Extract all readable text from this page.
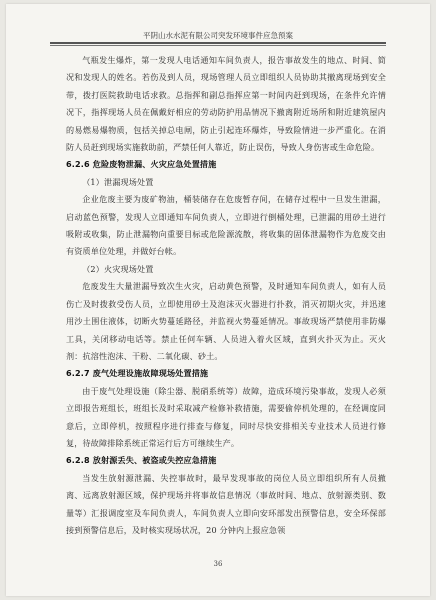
平阴山水水泥有限公司突发环境事件应急预案

气瓶发生爆炸，第一发现人电话通知车间负责人，报告事故发生的地点、时间、简况和发现人的姓名。若伤及到人员，现场管理人员立即组织人员协助其撤离现场到安全带，拨打医院救助电话求救。总指挥和副总指挥应第一时间内赶到现场，在条件允许情况下，指挥现场人员在佩戴好相应的劳动防护用品情况下撤离附近场所和附近建筑屋内的易燃易爆物质，包括关掉总电闸，防止引起连环爆炸，导致险情进一步严重化。在消防人员赶到现场实施救助前，严禁任何人靠近，防止误伤，导致人身伤害或生命危险。

6.2.6 危险废物泄漏、火灾应急处置措施

（1）泄漏现场处置

企业危废主要为废矿物油，桶装储存在危废暂存间，在储存过程中一旦发生泄漏，启动蓝色预警，发现人立即通知车间负责人，立即进行倒桶处理，已泄漏的用砂土进行吸附或收集，防止泄漏物向重要目标或危险源流散，将收集的固体泄漏物作为危废交由有资质单位处理，并做好台帐。

（2）火灾现场处置

危废发生大量泄漏导致次生火灾，启动黄色预警，及时通知车间负责人，如有人员伤亡及时拨救受伤人员，立即使用砂土及泡沫灭火器进行扑救，消灭初期火灾，并迅速用沙土围住液体，切断火势蔓延路径，并监视火势蔓延情况。事故现场严禁使用非防爆工具，关闭移动电话等。禁止任何车辆、人员进入着火区域，直到火扑灭为止。灭火剂：抗溶性泡沫、干粉、二氧化碳、砂土。

6.2.7 废气处理设施故障现场处置措施

由于废气处理设施（除尘器、脱硝系统等）故障，造成环境污染事故，发现人必须立即报告班组长，班组长及时采取减产检修补救措施，需要偷停机处理的，在经调度同意后，立即停机，按照程序进行排查与修复，同时尽快安排相关专业技术人员进行修复，待故障排除系统正常运行后方可继续生产。

6.2.8 放射源丢失、被盗或失控应急措施

当发生放射源泄漏、失控事故时，最早发现事故的岗位人员立即组织所有人员撤离、远离放射源区域，保护现场并将事故信息情况（事故时间、地点、放射源类别、数量等）汇报调度室及车间负责人，车间负责人立即向安环部发出预警信息，安全环保部接到预警信息后，及时核实现场状况，20 分钟内上报应急领

36
